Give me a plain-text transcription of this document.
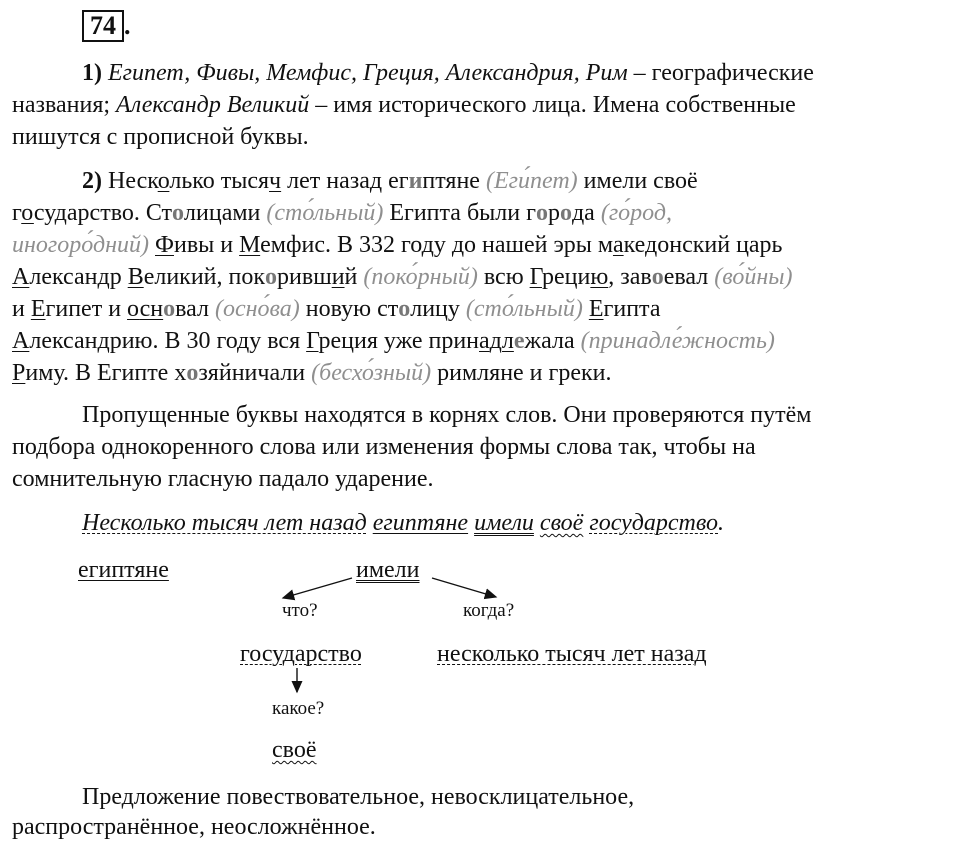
74 .
1) Египет, Фивы, Мемфис, Греция, Александрия, Рим – географические
названия; Александр Великий – имя исторического лица. Имена собственные
пишутся с прописной буквы.
2) Несколько тысяч лет назад египтяне (Еги́пет) имели своё
государство. Столицами (сто́льный) Египта были города (го́род,
иногоро́дний) Фивы и Мемфис. В 332 году до нашей эры македонский царь
Александр Великий, покоривший (поко́рный) всю Грецию, завоевал (во́йны)
и Египет и основал (осно́ва) новую столицу (сто́льный) Египта
Александрию. В 30 году вся Греция уже принадлежала (принадле́жность)
Риму. В Египте хозяйничали (бесхо́зный) римляне и греки.
Пропущенные буквы находятся в корнях слов. Они проверяются путём
подбора однокоренного слова или изменения формы слова так, чтобы на
сомнительную гласную падало ударение.
Несколько тысяч лет назад египтяне имели своё государство.
имели
египтяне
что?	когда?
государство	несколько тысяч лет назад
какое?
своё
Предложение повествовательное, невосклицательное,
распространённое, неосложнённое.
